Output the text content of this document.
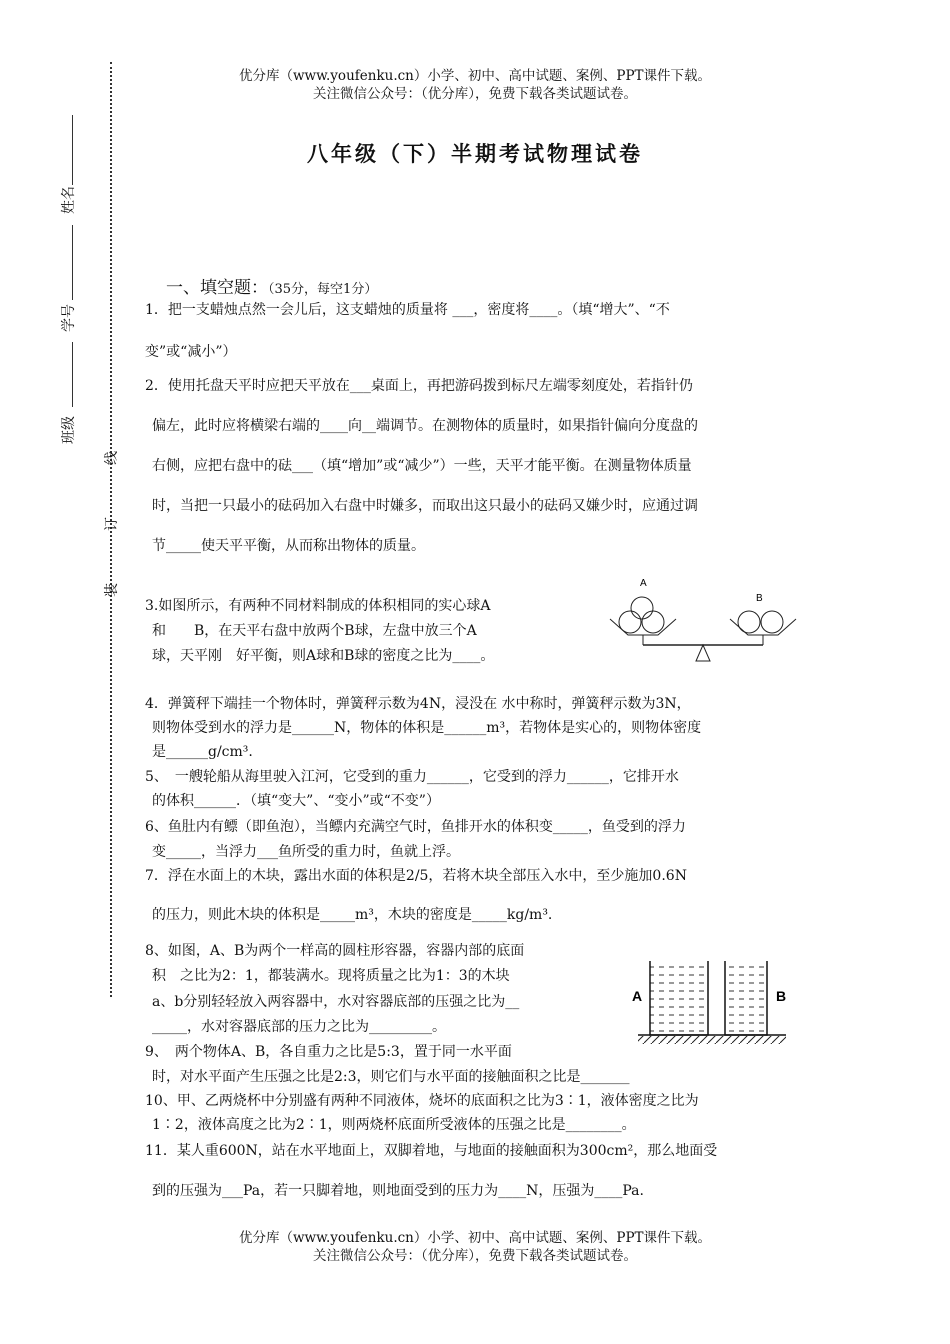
优分库（www.youfenku.cn）小学、初中、高中试题、案例、PPT课件下载。
关注微信公众号：（优分库），免费下载各类试题试卷。
姓名
学号
班级
线
订
装
八年级（下）半期考试物理试卷
一、填空题：（35分，每空1分）
1．把一支蜡烛点然一会儿后，这支蜡烛的质量将 ___，密度将____。（填“增大”、“不
变”或“减小”）
2．使用托盘天平时应把天平放在___桌面上，再把游码拨到标尺左端零刻度处，若指针仍
偏左，此时应将横梁右端的____向__端调节。在测物体的质量时，如果指针偏向分度盘的
右侧，应把右盘中的砝___（填“增加”或“减少”）一些，天平才能平衡。在测量物体质量
时，当把一只最小的砝码加入右盘中时嫌多，而取出这只最小的砝码又嫌少时，应通过调
节_____使天平平衡，从而称出物体的质量。
3.如图所示，有两种不同材料制成的体积相同的实心球A
和　　B，在天平右盘中放两个B球，左盘中放三个A
球，天平刚　好平衡，则A球和B球的密度之比为____。
A
B
4．弹簧秤下端挂一个物体时，弹簧秤示数为4N，浸没在 水中称时，弹簧秤示数为3N，
则物体受到水的浮力是______N，物体的体积是______m³，若物体是实心的，则物体密度
是______g/cm³.
5、　一艘轮船从海里驶入江河，它受到的重力______，它受到的浮力______，它排开水
的体积______．（填“变大”、“变小”或“不变”）
6、鱼肚内有鳔（即鱼泡），当鳔内充满空气时，鱼排开水的体积变_____，鱼受到的浮力
变_____，当浮力___鱼所受的重力时，鱼就上浮。
7．浮在水面上的木块，露出水面的体积是2/5，若将木块全部压入水中，至少施加0.6N
的压力，则此木块的体积是_____m³，木块的密度是_____kg/m³.
8、如图，A、B为两个一样高的圆柱形容器，容器内部的底面
积　之比为2：1，都装满水。现将质量之比为1：3的木块
a、b分别轻轻放入两容器中，水对容器底部的压强之比为__
_____，水对容器底部的压力之比为_________。
A	B
9、　两个物体A、B，各自重力之比是5:3，置于同一水平面
时，对水平面产生压强之比是2:3，则它们与水平面的接触面积之比是_______
10、甲、乙两烧杯中分别盛有两种不同液体，烧坏的底面积之比为3∶1，液体密度之比为
1∶2，液体高度之比为2∶1，则两烧杯底面所受液体的压强之比是________。
11．某人重600N，站在水平地面上，双脚着地，与地面的接触面积为300cm²，那么地面受
到的压强为___Pa，若一只脚着地，则地面受到的压力为____N，压强为____Pa.
优分库（www.youfenku.cn）小学、初中、高中试题、案例、PPT课件下载。
关注微信公众号：（优分库），免费下载各类试题试卷。
